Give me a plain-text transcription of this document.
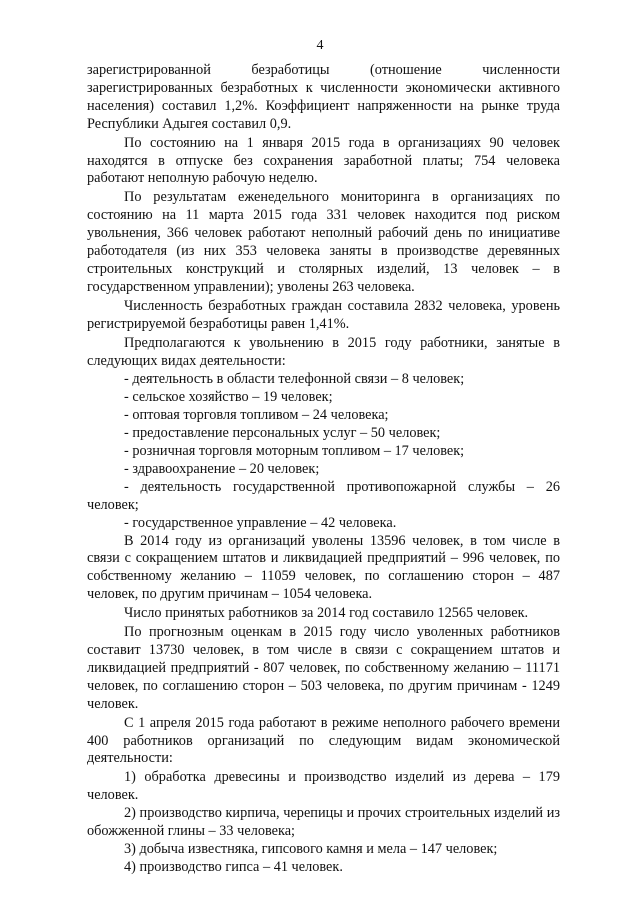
4

зарегистрированной безработицы (отношение численности зарегистрированных безработных к численности экономически активного населения) составил 1,2%. Коэффициент напряженности на рынке труда Республики Адыгея составил 0,9.

По состоянию на 1 января 2015 года в организациях 90 человек находятся в отпуске без сохранения заработной платы; 754 человека работают неполную рабочую неделю.

По результатам еженедельного мониторинга в организациях по состоянию на 11 марта 2015 года 331 человек находится под риском увольнения, 366 человек работают неполный рабочий день по инициативе работодателя (из них 353 человека заняты в производстве деревянных строительных конструкций и столярных изделий, 13 человек – в государственном управлении); уволены 263 человека.

Численность безработных граждан составила 2832 человека, уровень регистрируемой безработицы равен 1,41%.

Предполагаются к увольнению в 2015 году работники, занятые в следующих видах деятельности:

- деятельность в области телефонной связи – 8 человек;

- сельское хозяйство – 19 человек;

- оптовая торговля топливом – 24 человека;

- предоставление персональных услуг – 50 человек;

- розничная торговля моторным топливом – 17 человек;

- здравоохранение – 20 человек;

- деятельность государственной противопожарной службы – 26 человек;

- государственное управление – 42 человека.

В 2014 году из организаций уволены 13596 человек, в том числе в связи с сокращением штатов и ликвидацией предприятий – 996 человек, по собственному желанию – 11059 человек, по соглашению сторон – 487 человек, по другим причинам – 1054 человека.

Число принятых работников за 2014 год составило 12565 человек.

По прогнозным оценкам в 2015 году число уволенных работников составит 13730 человек, в том числе в связи с сокращением штатов и ликвидацией предприятий - 807 человек, по собственному желанию – 11171 человек, по соглашению сторон – 503 человека, по другим причинам - 1249 человек.

С 1 апреля 2015 года работают в режиме неполного рабочего времени 400 работников организаций по следующим видам экономической деятельности:

1) обработка древесины и производство изделий из дерева – 179 человек.

2) производство кирпича, черепицы и прочих строительных изделий из обожженной глины – 33 человека;

3) добыча известняка, гипсового камня и мела – 147 человек;

4) производство гипса – 41 человек.
